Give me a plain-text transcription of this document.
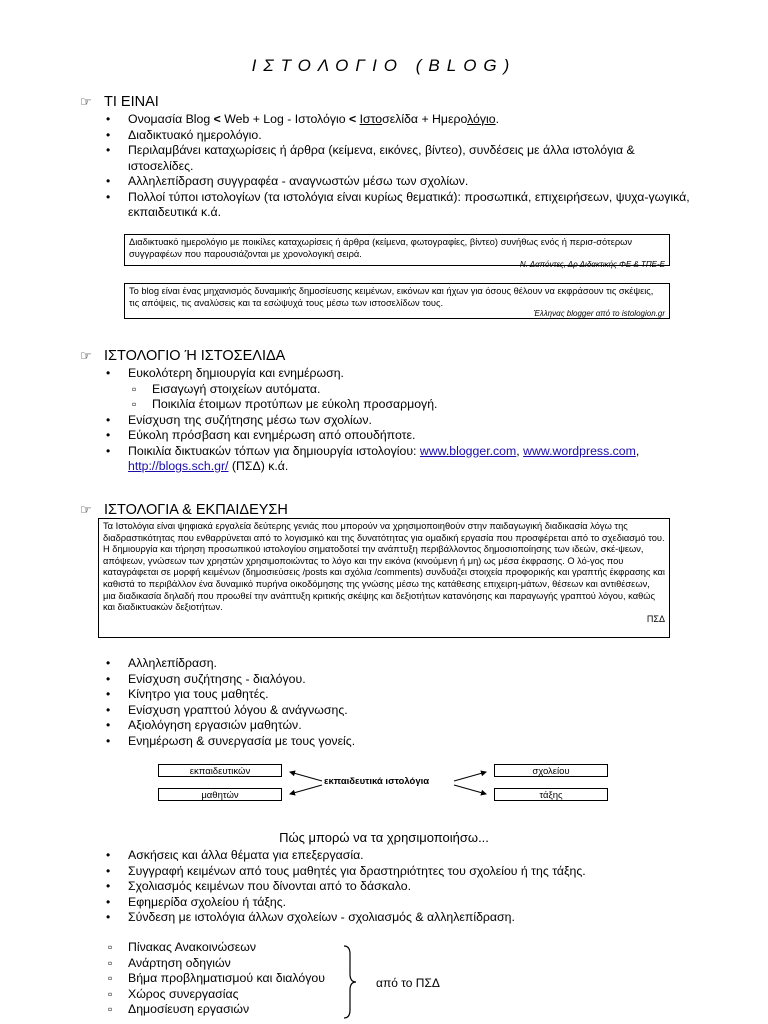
ΙΣΤΟΛΟΓΙΟ (BLOG)
☞ ΤΙ ΕΙΝΑΙ
• Ονομασία Blog < Web + Log - Ιστολόγιο < Ιστοσελίδα + Ημερολόγιο.
• Διαδικτυακό ημερολόγιο.
• Περιλαμβάνει καταχωρίσεις ή άρθρα (κείμενα, εικόνες, βίντεο), συνδέσεις με άλλα ιστολόγια & ιστοσελίδες.
• Αλληλεπίδραση συγγραφέα - αναγνωστών μέσω των σχολίων.
• Πολλοί τύποι ιστολογίων (τα ιστολόγια είναι κυρίως θεματικά): προσωπικά, επιχειρήσεων, ψυχα-γωγικά, εκπαιδευτικά κ.ά.
Διαδικτυακό ημερολόγιο με ποικίλες καταχωρίσεις ή άρθρα (κείμενα, φωτογραφίες, βίντεο) συνήθως ενός ή περισ-σότερων συγγραφέων που παρουσιάζονται με χρονολογική σειρά.
Ν. Δαπόντες, Δρ Διδακτικής ΦΕ & ΤΠΕ-Ε
Το blog είναι ένας μηχανισμός δυναμικής δημοσίευσης κειμένων, εικόνων και ήχων για όσους θέλουν να εκφράσουν τις σκέψεις, τις απόψεις, τις αναλύσεις και τα εσώψυχά τους μέσω των ιστοσελίδων τους.
Έλληνας blogger από το istologion.gr
☞ ΙΣΤΟΛΟΓΙΟ Ή ΙΣΤΟΣΕΛΙΔΑ
• Ευκολότερη δημιουργία και ενημέρωση.
▫ Εισαγωγή στοιχείων αυτόματα.
▫ Ποικιλία έτοιμων προτύπων με εύκολη προσαρμογή.
• Ενίσχυση της συζήτησης μέσω των σχολίων.
• Εύκολη πρόσβαση και ενημέρωση από οπουδήποτε.
• Ποικιλία δικτυακών τόπων για δημιουργία ιστολογίου: www.blogger.com, www.wordpress.com, http://blogs.sch.gr/ (ΠΣΔ) κ.ά.
☞ ΙΣΤΟΛΟΓΙΑ & ΕΚΠΑΙΔΕΥΣΗ
Τα Ιστολόγια είναι ψηφιακά εργαλεία δεύτερης γενιάς που μπορούν να χρησιμοποιηθούν στην παιδαγωγική διαδικασία λόγω της διαδραστικότητας που ενθαρρύνεται από το λογισμικό και της δυνατότητας για ομαδική εργασία που προσφέρεται από το σχεδιασμό του.
Η δημιουργία και τήρηση προσωπικού ιστολογίου σηματοδοτεί την ανάπτυξη περιβάλλοντος δημοσιοποίησης των ιδεών, σκέ-ψεων, απόψεων, γνώσεων των χρηστών χρησιμοποιώντας το λόγο και την εικόνα (κινούμενη ή μη) ως μέσα έκφρασης. Ο λό-γος που καταγράφεται σε μορφή κειμένων (δημοσιεύσεις /posts και σχόλια /comments) συνδυάζει στοιχεία προφορικής και γραπτής έκφρασης και καθιστά το περιβάλλον ένα δυναμικό πυρήνα οικοδόμησης της γνώσης μέσω της κατάθεσης επιχειρη-μάτων, θέσεων και αντιθέσεων, μια διαδικασία δηλαδή που προωθεί την ανάπτυξη κριτικής σκέψης και δεξιοτήτων κατανόησης και παραγωγής γραπτού λόγου, καθώς και διαδικτυακών δεξιοτήτων.
ΠΣΔ
• Αλληλεπίδραση.
• Ενίσχυση συζήτησης - διαλόγου.
• Κίνητρο για τους μαθητές.
• Ενίσχυση γραπτού λόγου & ανάγνωσης.
• Αξιολόγηση εργασιών μαθητών.
• Ενημέρωση & συνεργασία με τους γονείς.
εκπαιδευτικών
μαθητών
εκπαιδευτικά ιστολόγια
σχολείου
τάξης
Πώς μπορώ να τα χρησιμοποιήσω...
• Ασκήσεις και άλλα θέματα για επεξεργασία.
• Συγγραφή κειμένων από τους μαθητές για δραστηριότητες του σχολείου ή της τάξης.
• Σχολιασμός κειμένων που δίνονται από το δάσκαλο.
• Εφημερίδα σχολείου ή τάξης.
• Σύνδεση με ιστολόγια άλλων σχολείων - σχολιασμός & αλληλεπίδραση.
▫ Πίνακας Ανακοινώσεων
▫ Ανάρτηση οδηγιών
▫ Βήμα προβληματισμού και διαλόγου
▫ Χώρος συνεργασίας
▫ Δημοσίευση εργασιών
από το ΠΣΔ
